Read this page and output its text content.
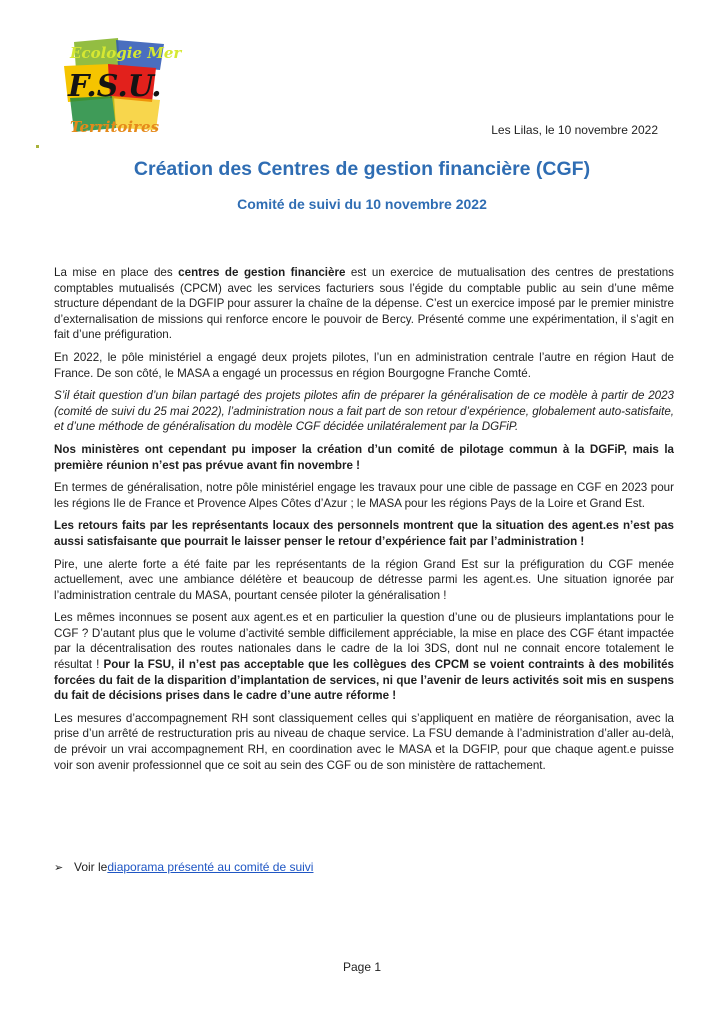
Ecologie Mer
F.S.U.
Territoires	Les Lilas, le 10 novembre 2022
Création des Centres de gestion financière (CGF)
Comité de suivi du 10 novembre 2022

La mise en place des centres de gestion financière est un exercice de mutualisation des centres de prestations comptables mutualisés (CPCM) avec les services facturiers sous l’égide du comptable public au sein d’une même structure dépendant de la DGFIP pour assurer la chaîne de la dépense. C’est un exercice imposé par le premier ministre d’externalisation de missions qui renforce encore le pouvoir de Bercy. Présenté comme une expérimentation, il s’agit en fait d’une préfiguration.

En 2022, le pôle ministériel a engagé deux projets pilotes, l’un en administration centrale l’autre en région Haut de France. De son côté, le MASA a engagé un processus en région Bourgogne Franche Comté.

S’il était question d’un bilan partagé des projets pilotes afin de préparer la généralisation de ce modèle à partir de 2023 (comité de suivi du 25 mai 2022), l’administration nous a fait part de son retour d’expérience, globalement auto-satisfaite, et d’une méthode de généralisation du modèle CGF décidée unilatéralement par la DGFiP.

Nos ministères ont cependant pu imposer la création d’un comité de pilotage commun à la DGFiP, mais la première réunion n’est pas prévue avant fin novembre !

En termes de généralisation, notre pôle ministériel engage les travaux pour une cible de passage en CGF en 2023 pour les régions Ile de France et Provence Alpes Côtes d’Azur ; le MASA pour les régions Pays de la Loire et Grand Est.

Les retours faits par les représentants locaux des personnels montrent que la situation des agent.es n’est pas aussi satisfaisante que pourrait le laisser penser le retour d’expérience fait par l’administration !

Pire, une alerte forte a été faite par les représentants de la région Grand Est sur la préfiguration du CGF menée actuellement, avec une ambiance délétère et beaucoup de détresse parmi les agent.es. Une situation ignorée par l’administration centrale du MASA, pourtant censée piloter la généralisation !

Les mêmes inconnues se posent aux agent.es et en particulier la question d’une ou de plusieurs implantations pour le CGF ? D’autant plus que le volume d’activité semble difficilement appréciable, la mise en place des CGF étant impactée par la décentralisation des routes nationales dans le cadre de la loi 3DS, dont nul ne connait encore totalement le résultat ! Pour la FSU, il n’est pas acceptable que les collègues des CPCM se voient contraints à des mobilités forcées du fait de la disparition d’implantation de services, ni que l’avenir de leurs activités soit mis en suspens du fait de décisions prises dans le cadre d’une autre réforme !

Les mesures d’accompagnement RH sont classiquement celles qui s’appliquent en matière de réorganisation, avec la prise d’un arrêté de restructuration pris au niveau de chaque service. La FSU demande à l’administration d’aller au-delà, de prévoir un vrai accompagnement RH, en coordination avec le MASA et la DGFIP, pour que chaque agent.e puisse voir son avenir professionnel que ce soit au sein des CGF ou de son ministère de rattachement.

➢ Voir le diaporama présenté au comité de suivi
Page 1
